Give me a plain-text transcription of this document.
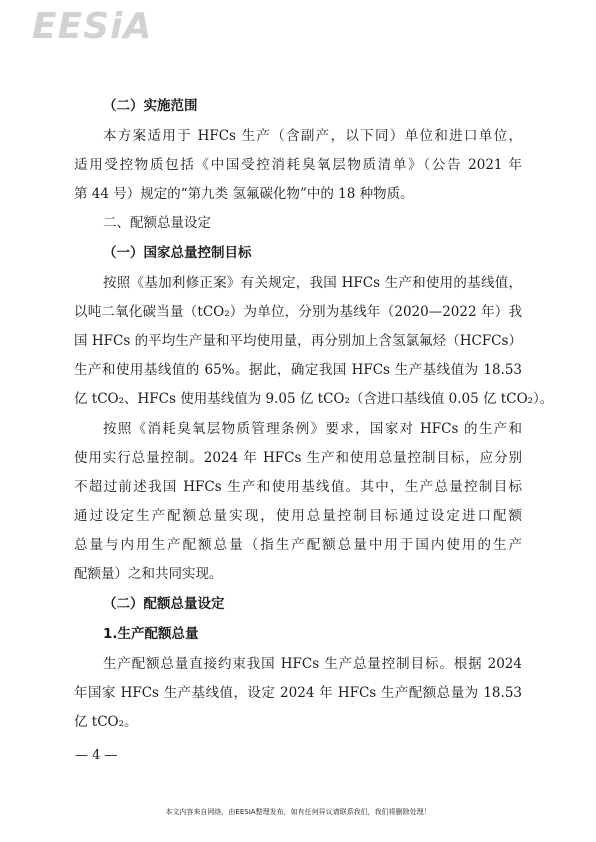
EESiA
（二）实施范围
本方案适用于 HFCs 生产（含副产，以下同）单位和进口单位，
适用受控物质包括《中国受控消耗臭氧层物质清单》（公告 2021 年
第 44 号）规定的“第九类 氢氟碳化物”中的 18 种物质。
二、配额总量设定
（一）国家总量控制目标
按照《基加利修正案》有关规定，我国 HFCs 生产和使用的基线值，
以吨二氧化碳当量（tCO₂）为单位，分别为基线年（2020—2022 年）我
国 HFCs 的平均生产量和平均使用量，再分别加上含氢氯氟烃（HCFCs）
生产和使用基线值的 65%。据此，确定我国 HFCs 生产基线值为 18.53
亿 tCO₂、HFCs 使用基线值为 9.05 亿 tCO₂（含进口基线值 0.05 亿 tCO₂）。
按照《消耗臭氧层物质管理条例》要求，国家对 HFCs 的生产和
使用实行总量控制。2024 年 HFCs 生产和使用总量控制目标，应分别
不超过前述我国 HFCs 生产和使用基线值。其中，生产总量控制目标
通过设定生产配额总量实现，使用总量控制目标通过设定进口配额
总量与内用生产配额总量（指生产配额总量中用于国内使用的生产
配额量）之和共同实现。
（二）配额总量设定
1.生产配额总量
生产配额总量直接约束我国 HFCs 生产总量控制目标。根据 2024
年国家 HFCs 生产基线值，设定 2024 年 HFCs 生产配额总量为 18.53
亿 tCO₂。
— 4 —
本文内容来自网络，由EESIA整理发布，如有任何异议请联系我们，我们将删除处理！
